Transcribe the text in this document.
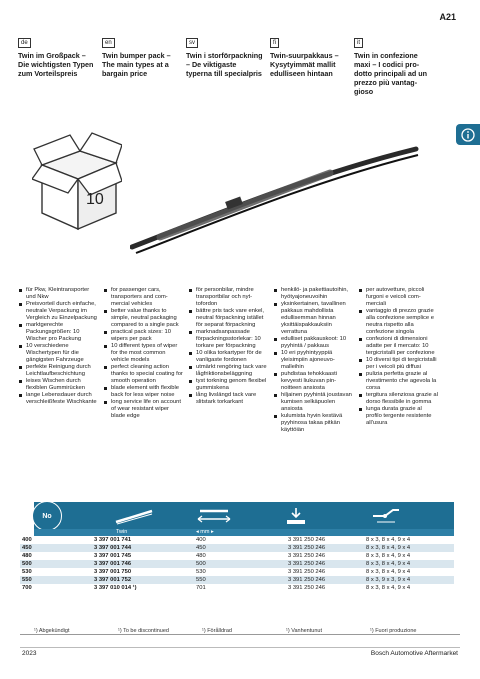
A21
de
Twin im Großpack – Die wichtigsten Typen zum Vorteilspreis
en
Twin bumper pack – The main types at a bargain price
sv
Twin i storförpackning – De viktigaste typerna till specialpris
fi
Twin-suurpakkaus – Kysytyimmät mallit edulliseen hintaan
it
Twin in confezione maxi – I codici prodotto principali ad un prezzo più vantaggioso
10
für Pkw, Kleintransporter und Nkw
Preisvorteil durch einfache, neutrale Verpackung im Vergleich zu Einzelpackung
marktgerechte Packungsgrößen: 10 Wischer pro Packung
10 verschiedene Wischertypen für die gängigsten Fahrzeuge
perfekte Reinigung durch Leichtlaufbeschichtung
leises Wischen durch flexiblen Gummirücken
lange Lebensdauer durch verschleißfeste Wischkante
for passenger cars, transporters and commercial vehicles
better value thanks to simple, neutral packaging compared to a single pack
practical pack sizes: 10 wipers per pack
10 different types of wiper for the most common vehicle models
perfect cleaning action thanks to special coating for smooth operation
blade element with flexible back for less wiper noise
long service life on account of wear resistant wiper blade edge
för personbilar, mindre transportbilar och nyttofordon
bättre pris tack vare enkel, neutral förpackning istället för separat förpackning
marknadsanpassade förpackningsstorlekar: 10 torkare per förpackning
10 olika torkartyper för de vanligaste fordonen
utmärkt rengöring tack vare lågfriktionsbeläggning
tyst torkning genom flexibel gummiskena
lång livslängd tack vare slitstark torkarkant
henkilö- ja pakettiautoihin, hyötyajoneuvoihin
yksinkertainen, tavallinen pakkaus mahdollista edullisemman hinnan yksittäispakkauksiin verrattuna
edulliset pakkauskoot: 10 pyyhintä / pakkaus
10 eri pyyhintyyppiä yleisimpiin ajoneuvomalleihin
puhdistaa tehokkaasti kevyesti liukuvan pinnoitteen ansiosta
hiljainen pyyhintä joustavan kumisen selkäpuolen ansiosta
kulumista hyvin kestävä pyyhinosa takaa pitkän käyttöiän
per autovetture, piccoli furgoni e veicoli commerciali
vantaggio di prezzo grazie alla confezione semplice e neutra rispetto alla confezione singola
confezioni di dimensioni adatte per il mercato: 10 tergicristalli per confezione
10 diversi tipi di tergicristalli per i veicoli più diffusi
pulizia perfetta grazie al rivestimento che agevola la corsa
tergitura silenziosa grazie al dorso flessibile in gomma
lunga durata grazie al profilo tergente resistente all'usura
No
Twin	◂ mm ▸
400	3 397 001 741	400	3 391 250 246	8 x 3, 8 x 4, 9 x 4
450	3 397 001 744	450	3 391 250 246	8 x 3, 8 x 4, 9 x 4
480	3 397 001 745	480	3 391 250 246	8 x 3, 8 x 4, 9 x 4
500	3 397 001 746	500	3 391 250 246	8 x 3, 8 x 4, 9 x 4
530	3 397 001 750	530	3 391 250 246	8 x 3, 8 x 4, 9 x 4
550	3 397 001 752	550	3 391 250 246	8 x 3, 9 x 3, 9 x 4
700	3 397 010 014 ¹)	701	3 391 250 246	8 x 3, 8 x 4, 9 x 4
¹) Abgekündigt	¹) To be discontinued	¹) Förålldrad	¹) Vanhentunut	¹) Fuori produzione
2023	Bosch Automotive Aftermarket
